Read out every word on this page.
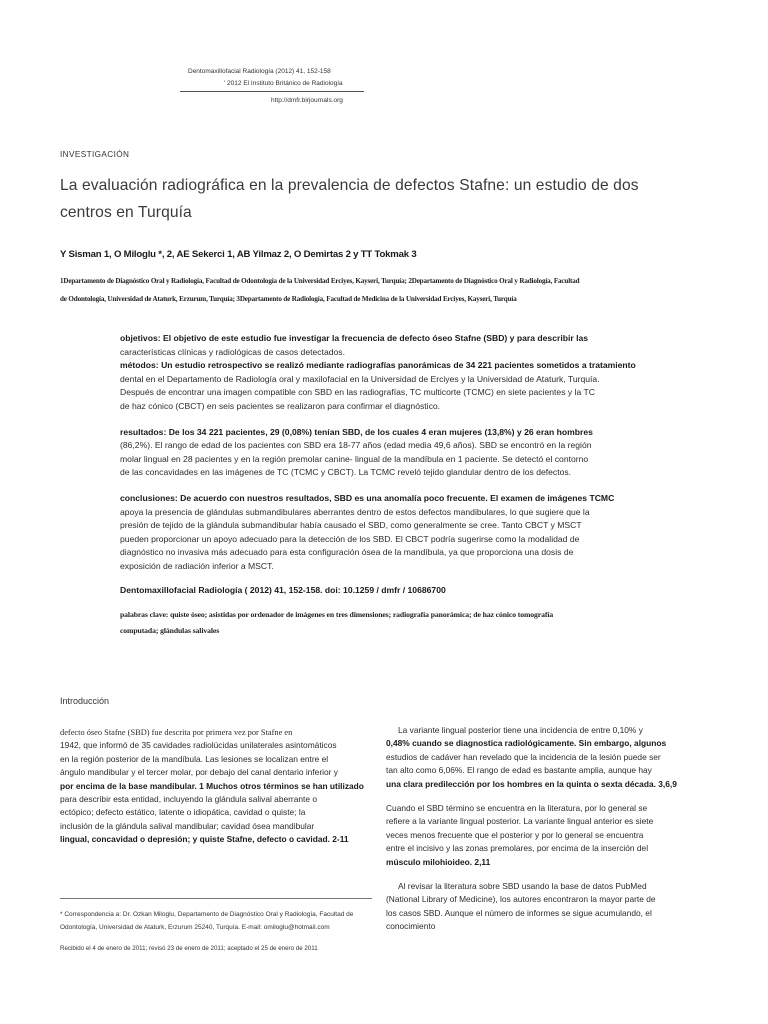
Dentomaxillofacial Radiología (2012) 41, 152-158
' 2012 El Instituto Británico de Radiología
http://dmfr.birjournals.org
INVESTIGACIÓN
La evaluación radiográfica en la prevalencia de defectos Stafne: un estudio de dos
centros en Turquía
Y Sisman 1, O Miloglu *, 2, AE Sekerci 1, AB Yilmaz 2, O Demirtas 2 y TT Tokmak 3
1Departamento de Diagnóstico Oral y Radiología, Facultad de Odontología de la Universidad Erciyes, Kayseri, Turquía; 2Departamento de Diagnóstico Oral y Radiología, Facultad
de Odontología, Universidad de Ataturk, Erzurum, Turquía; 3Departamento de Radiología, Facultad de Medicina de la Universidad Erciyes, Kayseri, Turquía

objetivos: El objetivo de este estudio fue investigar la frecuencia de defecto óseo Stafne (SBD) y para describir las

características clínicas y radiológicas de casos detectados.

métodos: Un estudio retrospectivo se realizó mediante radiografías panorámicas de 34 221 pacientes sometidos a tratamiento

dental en el Departamento de Radiología oral y maxilofacial en la Universidad de Erciyes y la Universidad de Ataturk, Turquía.

Después de encontrar una imagen compatible con SBD en las radiografías, TC multicorte (TCMC) en siete pacientes y la TC

de haz cónico (CBCT) en seis pacientes se realizaron para confirmar el diagnóstico.

resultados: De los 34 221 pacientes, 29 (0,08%) tenían SBD, de los cuales 4 eran mujeres (13,8%) y 26 eran hombres

(86,2%). El rango de edad de los pacientes con SBD era 18-77 años (edad media 49,6 años). SBD se encontró en la región

molar lingual en 28 pacientes y en la región premolar canine- lingual de la mandíbula en 1 paciente. Se detectó el contorno

de las concavidades en las imágenes de TC (TCMC y CBCT). La TCMC reveló tejido glandular dentro de los defectos.

conclusiones: De acuerdo con nuestros resultados, SBD es una anomalía poco frecuente. El examen de imágenes TCMC

apoya la presencia de glándulas submandibulares aberrantes dentro de estos defectos mandibulares, lo que sugiere que la

presión de tejido de la glándula submandibular había causado el SBD, como generalmente se cree. Tanto CBCT y MSCT

pueden proporcionar un apoyo adecuado para la detección de los SBD. El CBCT podría sugerirse como la modalidad de

diagnóstico no invasiva más adecuado para esta configuración ósea de la mandíbula, ya que proporciona una dosis de

exposición de radiación inferior a MSCT.

Dentomaxillofacial Radiología ( 2012) 41, 152-158. doi: 10.1259 / dmfr / 10686700

palabras clave: quiste óseo; asistidas por ordenador de imágenes en tres dimensiones; radiografía panorámica; de haz cónico tomografía
computada; glándulas salivales
Introducción

defecto óseo Stafne (SBD) fue descrita por primera vez por Stafne en

1942, que informó de 35 cavidades radiolúcidas unilaterales asintomáticos

en la región posterior de la mandíbula. Las lesiones se localizan entre el

ángulo mandibular y el tercer molar, por debajo del canal dentario inferior y

por encima de la base mandibular. 1 Muchos otros términos se han utilizado

para describir esta entidad, incluyendo la glándula salival aberrante o

ectópico; defecto estático, latente o idiopática, cavidad o quiste; la

inclusión de la glándula salival mandibular; cavidad ósea mandibular

lingual, concavidad o depresión; y quiste Stafne, defecto o cavidad. 2-11

* Correspondencia a: Dr. Ozkan Miloglu, Departamento de Diagnóstico Oral y Radiología, Facultad de
Odontología, Universidad de Ataturk, Erzurum 25240, Turquía. E-mail: omiloglu@hotmail.com
Recibido el 4 de enero de 2011; revisó 23 de enero de 2011; aceptado el 25 de enero de 2011

La variante lingual posterior tiene una incidencia de entre 0,10% y

0,48% cuando se diagnostica radiológicamente. Sin embargo, algunos

estudios de cadáver han revelado que la incidencia de la lesión puede ser

tan alto como 6,06%. El rango de edad es bastante amplia, aunque hay

una clara predilección por los hombres en la quinta o sexta década. 3,6,9

Cuando el SBD término se encuentra en la literatura, por lo general se

refiere a la variante lingual posterior. La variante lingual anterior es siete

veces menos frecuente que el posterior y por lo general se encuentra

entre el incisivo y las zonas premolares, por encima de la inserción del

músculo milohioideo. 2,11

Al revisar la literatura sobre SBD usando la base de datos PubMed

(National Library of Medicine), los autores encontraron la mayor parte de

los casos SBD. Aunque el número de informes se sigue acumulando, el

conocimiento
